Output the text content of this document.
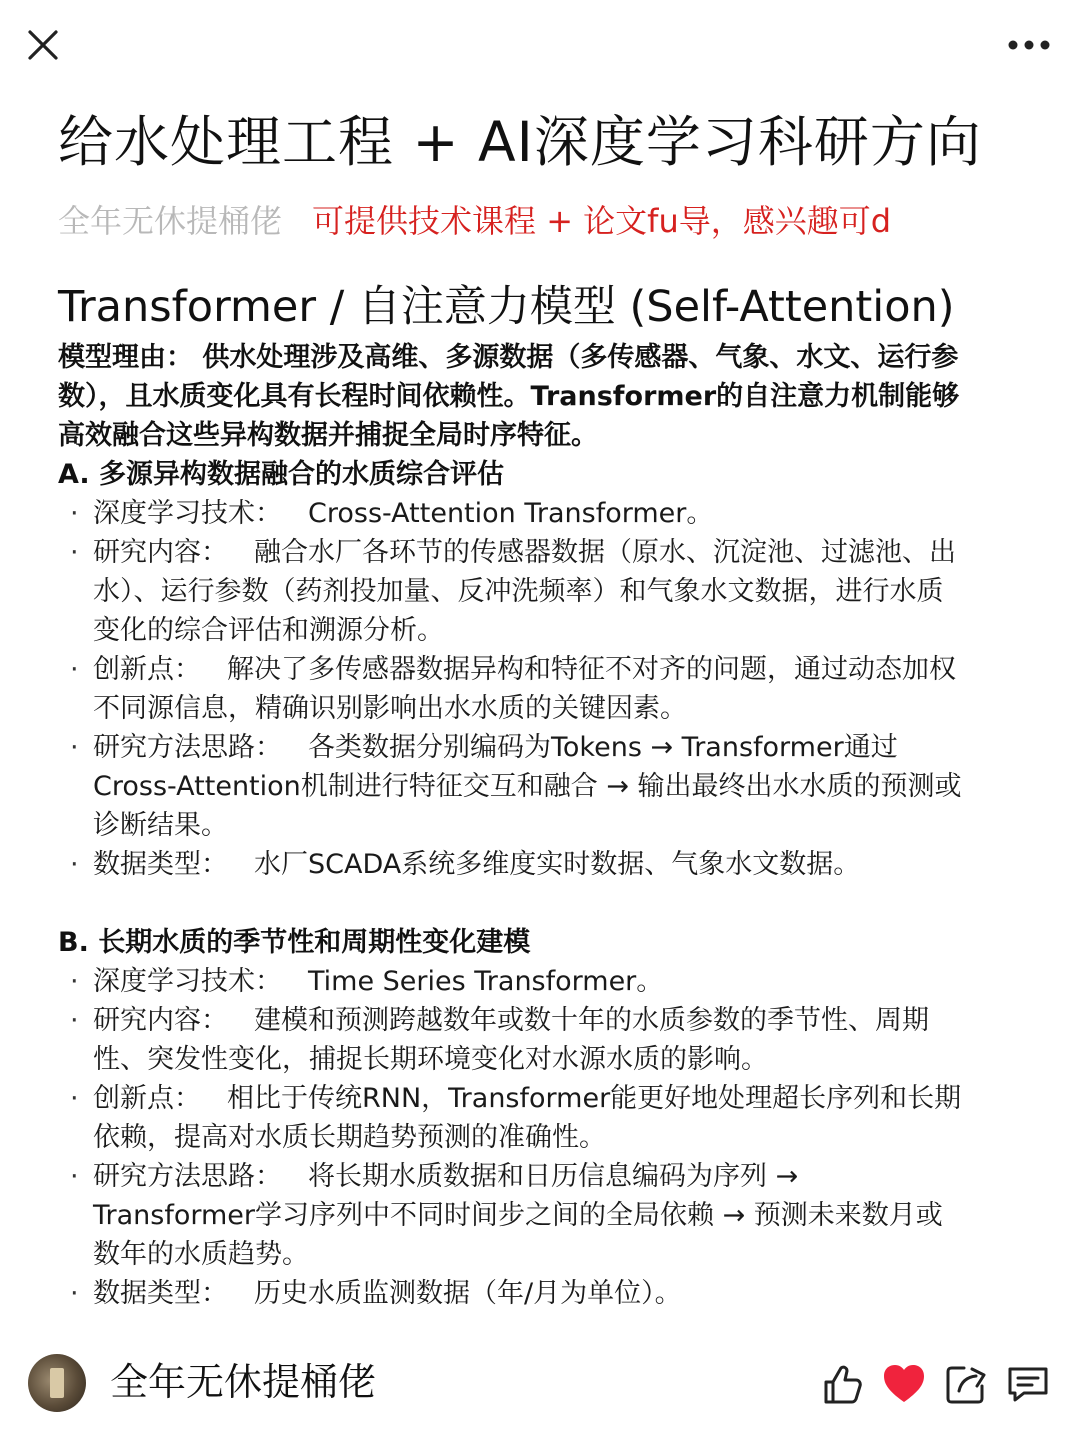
给水处理工程 + AI深度学习科研方向
全年无休提桶佬 可提供技术课程 + 论文fu导，感兴趣可d
Transformer / 自注意力模型 (Self-Attention)

模型理由： 供水处理涉及高维、多源数据（多传感器、气象、水文、运行参数），且水质变化具有长程时间依赖性。Transformer的自注意力机制能够高效融合这些异构数据并捕捉全局时序特征。

A. 多源异构数据融合的水质综合评估
· 深度学习技术： Cross-Attention Transformer。
· 研究内容： 融合水厂各环节的传感器数据（原水、沉淀池、过滤池、出水）、运行参数（药剂投加量、反冲洗频率）和气象水文数据，进行水质变化的综合评估和溯源分析。
· 创新点： 解决了多传感器数据异构和特征不对齐的问题，通过动态加权不同源信息，精确识别影响出水水质的关键因素。
· 研究方法思路： 各类数据分别编码为Tokens → Transformer通过Cross-Attention机制进行特征交互和融合 → 输出最终出水水质的预测或诊断结果。
· 数据类型： 水厂SCADA系统多维度实时数据、气象水文数据。
B. 长期水质的季节性和周期性变化建模
· 深度学习技术： Time Series Transformer。
· 研究内容： 建模和预测跨越数年或数十年的水质参数的季节性、周期性、突发性变化，捕捉长期环境变化对水源水质的影响。
· 创新点： 相比于传统RNN，Transformer能更好地处理超长序列和长期依赖，提高对水质长期趋势预测的准确性。
· 研究方法思路： 将长期水质数据和日历信息编码为序列 → Transformer学习序列中不同时间步之间的全局依赖 → 预测未来数月或数年的水质趋势。
· 数据类型： 历史水质监测数据（年/月为单位）。
全年无休提桶佬
